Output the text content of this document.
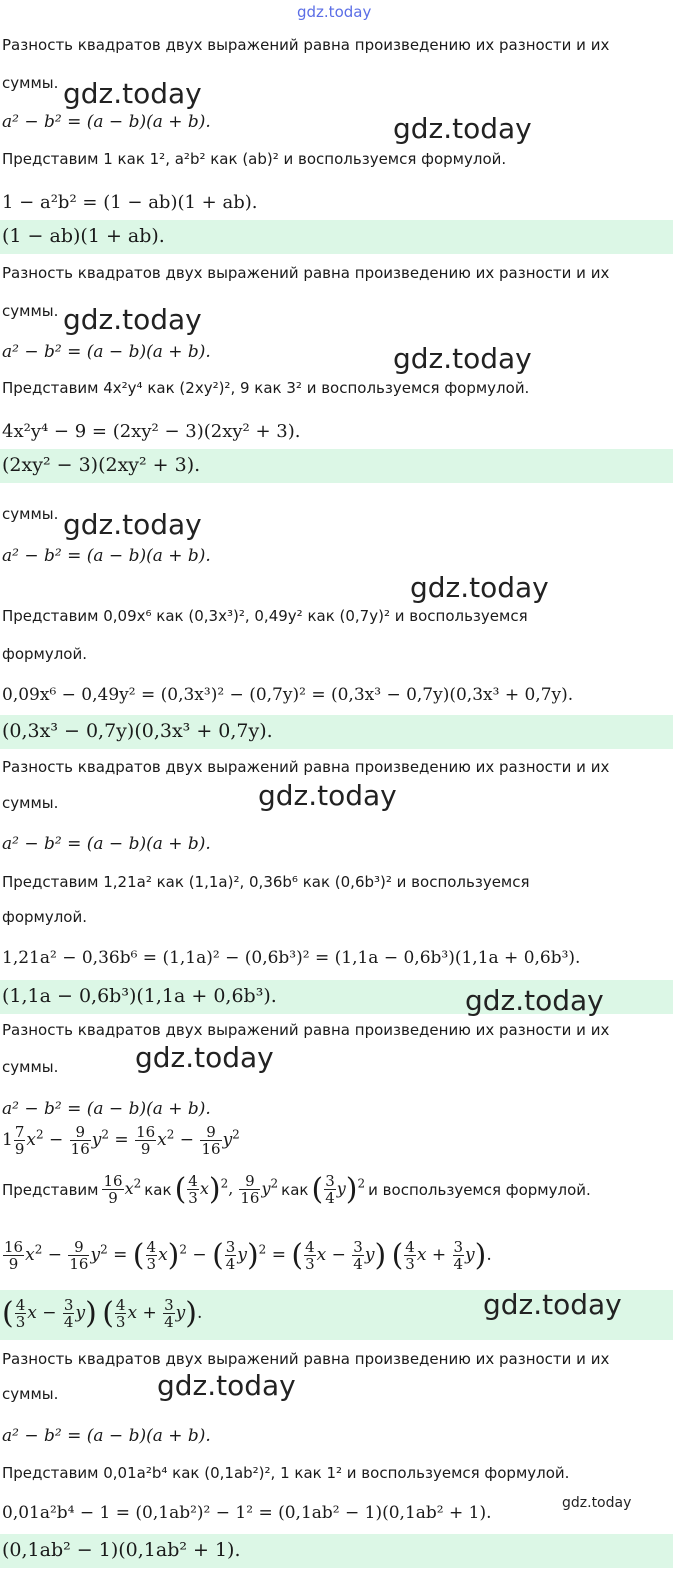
gdz.today
Разность квадратов двух выражений равна произведению их разности и их
суммы. gdz.today
a² − b² = (a − b)(a + b).	gdz.today
Представим 1 как 1², a²b² как (ab)² и воспользуемся формулой.
1 − a²b² = (1 − ab)(1 + ab).
(1 − ab)(1 + ab).
Разность квадратов двух выражений равна произведению их разности и их
суммы. gdz.today
a² − b² = (a − b)(a + b).	gdz.today
Представим 4x²y⁴ как (2xy²)², 9 как 3² и воспользуемся формулой.
4x²y⁴ − 9 = (2xy² − 3)(2xy² + 3).
(2xy² − 3)(2xy² + 3).
суммы. gdz.today
a² − b² = (a − b)(a + b).
gdz.today
Представим 0,09x⁶ как (0,3x³)², 0,49y² как (0,7y)² и воспользуемся
формулой.
0,09x⁶ − 0,49y² = (0,3x³)² − (0,7y)² = (0,3x³ − 0,7y)(0,3x³ + 0,7y).
(0,3x³ − 0,7y)(0,3x³ + 0,7y).
Разность квадратов двух выражений равна произведению их разности и их
суммы.	gdz.today
a² − b² = (a − b)(a + b).
Представим 1,21a² как (1,1a)², 0,36b⁶ как (0,6b³)² и воспользуемся
формулой.
1,21a² − 0,36b⁶ = (1,1a)² − (0,6b³)² = (1,1a − 0,6b³)(1,1a + 0,6b³).
(1,1a − 0,6b³)(1,1a + 0,6b³).	gdz.today
Разность квадратов двух выражений равна произведению их разности и их
суммы.	gdz.today
a² − b² = (a − b)(a + b).
$1 \frac{7}{9} x^2 - \frac{9}{16} y^2 = \frac{16}{9} x^2 - \frac{9}{16} y^2$
Представим $\frac{16}{9} x^2$ как ( $\frac{4}{3} x)^2$, $\frac{9}{16} y^2$ как ( $\frac{3}{4} y)^2$ и воспользуемся формулой.
$\frac{16}{9} x^2 - \frac{9}{16} y^2$ = ( $\frac{4}{3} x)^2$ − ( $\frac{3}{4} y)^2$ = ( $\frac{4}{3}$ $x - \frac{3}{4} y$) ( $\frac{4}{3}$ $x + \frac{3}{4} y$).
( $\frac{4}{3}$ $x - \frac{3}{4} y$) ( $\frac{4}{3}$ $x + \frac{3}{4} y$).	gdz.today
Разность квадратов двух выражений равна произведению их разности и их
суммы.	gdz.today
a² − b² = (a − b)(a + b).
Представим 0,01a²b⁴ как (0,1ab²)², 1 как 1² и воспользуемся формулой.
0,01a²b⁴ − 1 = (0,1ab²)² − 1² = (0,1ab² − 1)(0,1ab² + 1).	gdz.today
(0,1ab² − 1)(0,1ab² + 1).
